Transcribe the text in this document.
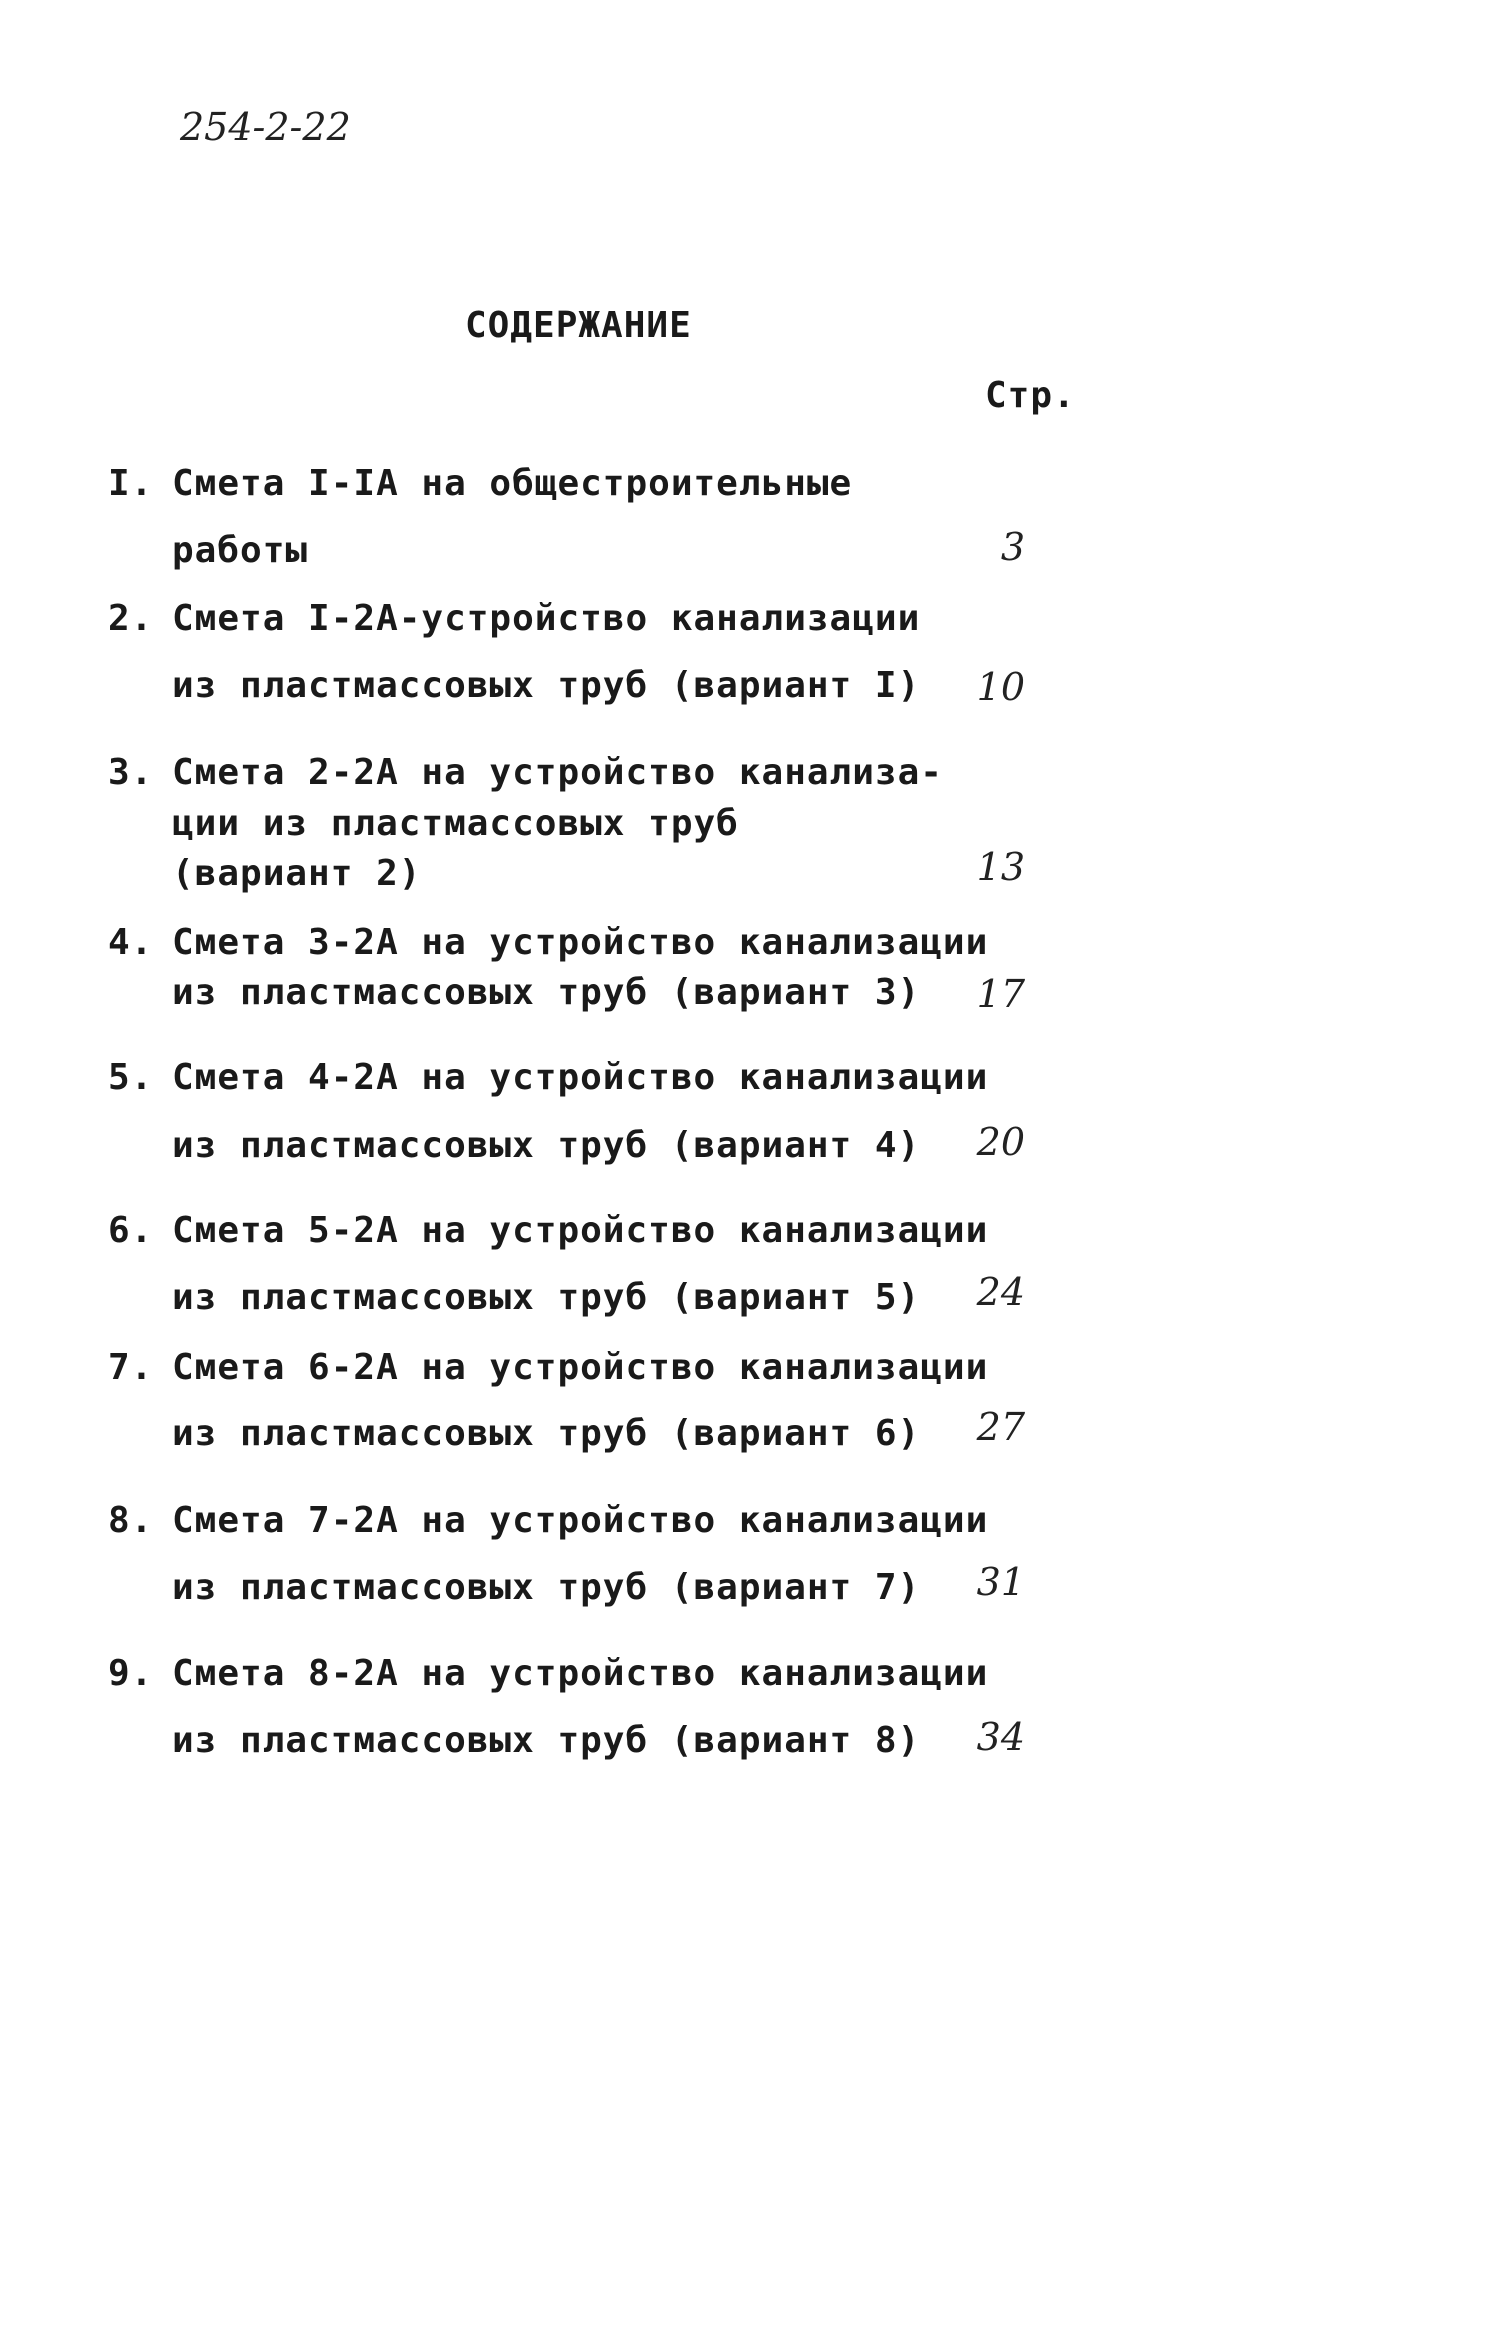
254-2-22
СОДЕРЖАНИЕ
Стр.
I. Смета I-IA на общестроительные
работы	3
2. Смета I-2А-устройство канализации
из пластмассовых труб (вариант I)	10
3. Смета 2-2А на устройство канализа-
ции из пластмассовых труб
(вариант 2)	13
4. Смета 3-2А на устройство канализации
из пластмассовых труб (вариант 3)	17
5. Смета 4-2А на устройство канализации
из пластмассовых труб (вариант 4)	20
6. Смета 5-2А на устройство канализации
из пластмассовых труб (вариант 5)	24
7. Смета 6-2А на устройство канализации
из пластмассовых труб (вариант 6)	27
8. Смета 7-2А на устройство канализации
из пластмассовых труб (вариант 7)	31
9. Смета 8-2А на устройство канализации
из пластмассовых труб (вариант 8)	34
